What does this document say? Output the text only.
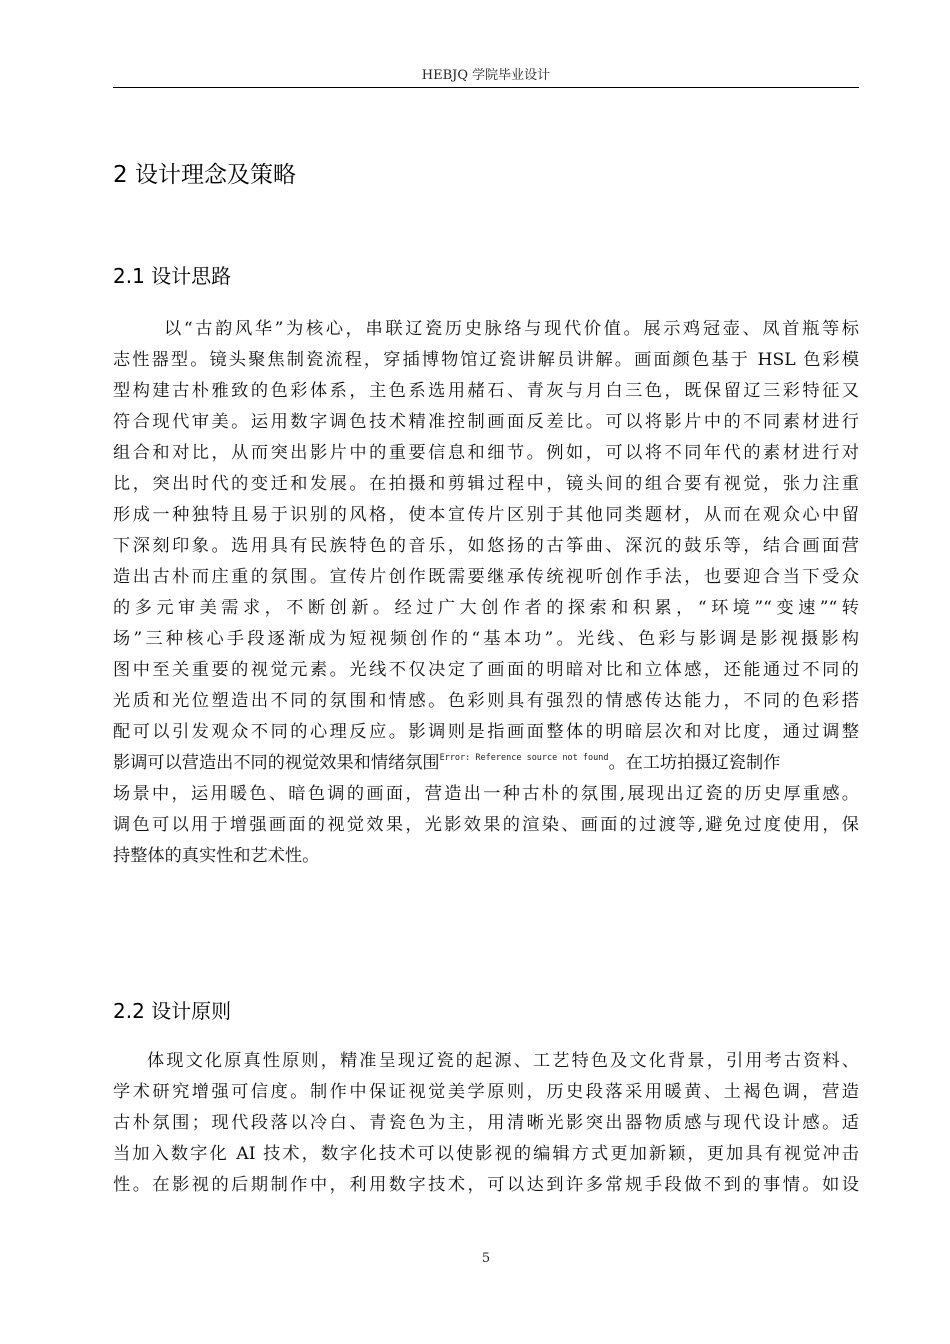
HEBJQ 学院毕业设计
2 设计理念及策略
2.1 设计思路
以“古韵风华”为核心，串联辽瓷历史脉络与现代价值。展示鸡冠壶、凤首瓶等标
志性器型。镜头聚焦制瓷流程，穿插博物馆辽瓷讲解员讲解。画面颜色基于 HSL 色彩模
型构建古朴雅致的色彩体系，主色系选用赭石、青灰与月白三色，既保留辽三彩特征又
符合现代审美。运用数字调色技术精准控制画面反差比。可以将影片中的不同素材进行
组合和对比，从而突出影片中的重要信息和细节。例如，可以将不同年代的素材进行对
比，突出时代的变迁和发展。在拍摄和剪辑过程中，镜头间的组合要有视觉，张力注重
形成一种独特且易于识别的风格，使本宣传片区别于其他同类题材，从而在观众心中留
下深刻印象。选用具有民族特色的音乐，如悠扬的古筝曲、深沉的鼓乐等，结合画面营
造出古朴而庄重的氛围。宣传片创作既需要继承传统视听创作手法，也要迎合当下受众
的多元审美需求，不断创新。经过广大创作者的探索和积累，“环境”“变速”“转
场”三种核心手段逐渐成为短视频创作的“基本功”。光线、色彩与影调是影视摄影构
图中至关重要的视觉元素。光线不仅决定了画面的明暗对比和立体感，还能通过不同的
光质和光位塑造出不同的氛围和情感。色彩则具有强烈的情感传达能力，不同的色彩搭
配可以引发观众不同的心理反应。影调则是指画面整体的明暗层次和对比度，通过调整
影调可以营造出不同的视觉效果和情绪氛围$^{Error: Reference source not found}$。在工坊拍摄辽瓷制作
场景中，运用暖色、暗色调的画面，营造出一种古朴的氛围,展现出辽瓷的历史厚重感。
调色可以用于增强画面的视觉效果，光影效果的渲染、画面的过渡等,避免过度使用，保
持整体的真实性和艺术性。
2.2 设计原则
体现文化原真性原则，精准呈现辽瓷的起源、工艺特色及文化背景，引用考古资料、
学术研究增强可信度。制作中保证视觉美学原则，历史段落采用暖黄、土褐色调，营造
古朴氛围；现代段落以冷白、青瓷色为主，用清晰光影突出器物质感与现代设计感。适
当加入数字化 AI 技术，数字化技术可以使影视的编辑方式更加新颖，更加具有视觉冲击
性。在影视的后期制作中，利用数字技术，可以达到许多常规手段做不到的事情。如设
5
